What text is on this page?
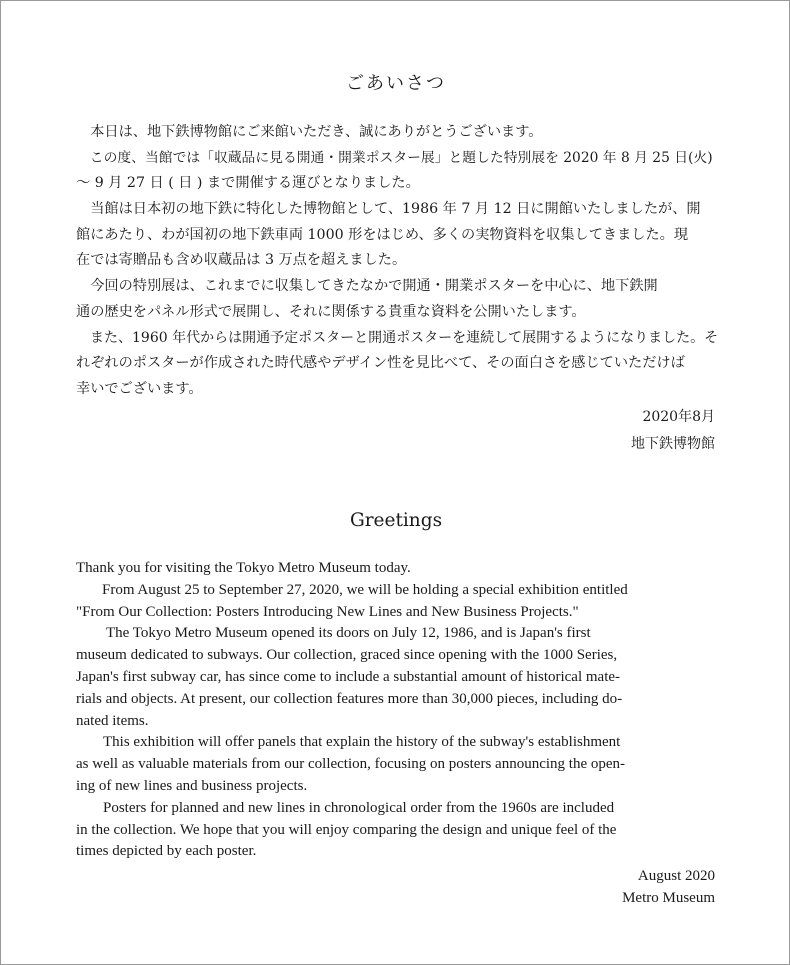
ごあいさつ
　本日は、地下鉄博物館にご来館いただき、誠にありがとうございます。
　この度、当館では「収蔵品に見る開通・開業ポスター展」と題した特別展を 2020 年 8 月 25 日(火)
〜 9 月 27 日 ( 日 ) まで開催する運びとなりました。
　当館は日本初の地下鉄に特化した博物館として、1986 年 7 月 12 日に開館いたしましたが、開
館にあたり、わが国初の地下鉄車両 1000 形をはじめ、多くの実物資料を収集してきました。現
在では寄贈品も含め収蔵品は 3 万点を超えました。
　今回の特別展は、これまでに収集してきたなかで開通・開業ポスターを中心に、地下鉄開
通の歴史をパネル形式で展開し、それに関係する貴重な資料を公開いたします。
　また、1960 年代からは開通予定ポスターと開通ポスターを連続して展開するようになりました。そ
れぞれのポスターが作成された時代感やデザイン性を見比べて、その面白さを感じていただけば
幸いでございます。
2020年8月
地下鉄博物館
Greetings
Thank you for visiting the Tokyo Metro Museum today.
From August 25 to September 27, 2020, we will be holding a special exhibition entitled
"From Our Collection: Posters Introducing New Lines and New Business Projects."
The Tokyo Metro Museum opened its doors on July 12, 1986, and is Japan's first
museum dedicated to subways. Our collection, graced since opening with the 1000 Series,
Japan's first subway car, has since come to include a substantial amount of historical mate-
rials and objects. At present, our collection features more than 30,000 pieces, including do-
nated items.
This exhibition will offer panels that explain the history of the subway's establishment
as well as valuable materials from our collection, focusing on posters announcing the open-
ing of new lines and business projects.
Posters for planned and new lines in chronological order from the 1960s are included
in the collection. We hope that you will enjoy comparing the design and unique feel of the
times depicted by each poster.
August 2020
Metro Museum
